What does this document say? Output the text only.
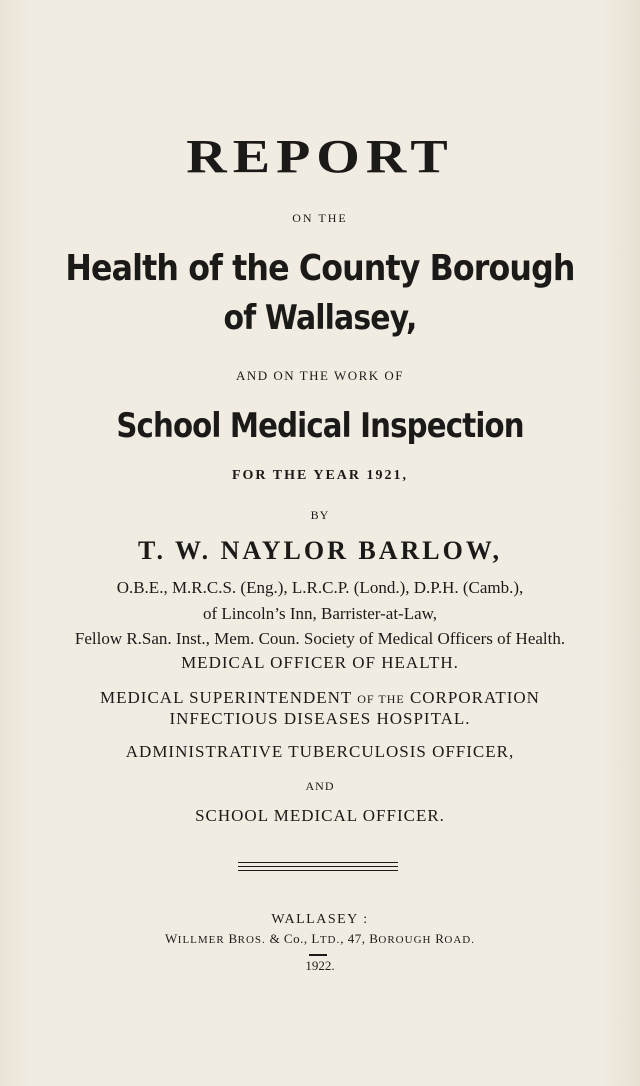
REPORT

ON THE

Health of the County Borough

of Wallasey,

AND ON THE WORK OF

School Medical Inspection

FOR THE YEAR 1921,

BY

T. W. NAYLOR BARLOW,

O.B.E., M.R.C.S. (Eng.), L.R.C.P. (Lond.), D.P.H. (Camb.),

of Lincoln’s Inn, Barrister-at-Law,

Fellow R.San. Inst., Mem. Coun. Society of Medical Officers of Health.

MEDICAL OFFICER OF HEALTH.

MEDICAL SUPERINTENDENT OF THE CORPORATION

INFECTIOUS DISEASES HOSPITAL.

ADMINISTRATIVE TUBERCULOSIS OFFICER,

AND

SCHOOL MEDICAL OFFICER.

WALLASEY :

WILLMER BROS. & Co., LTD., 47, BOROUGH ROAD.

1922.
